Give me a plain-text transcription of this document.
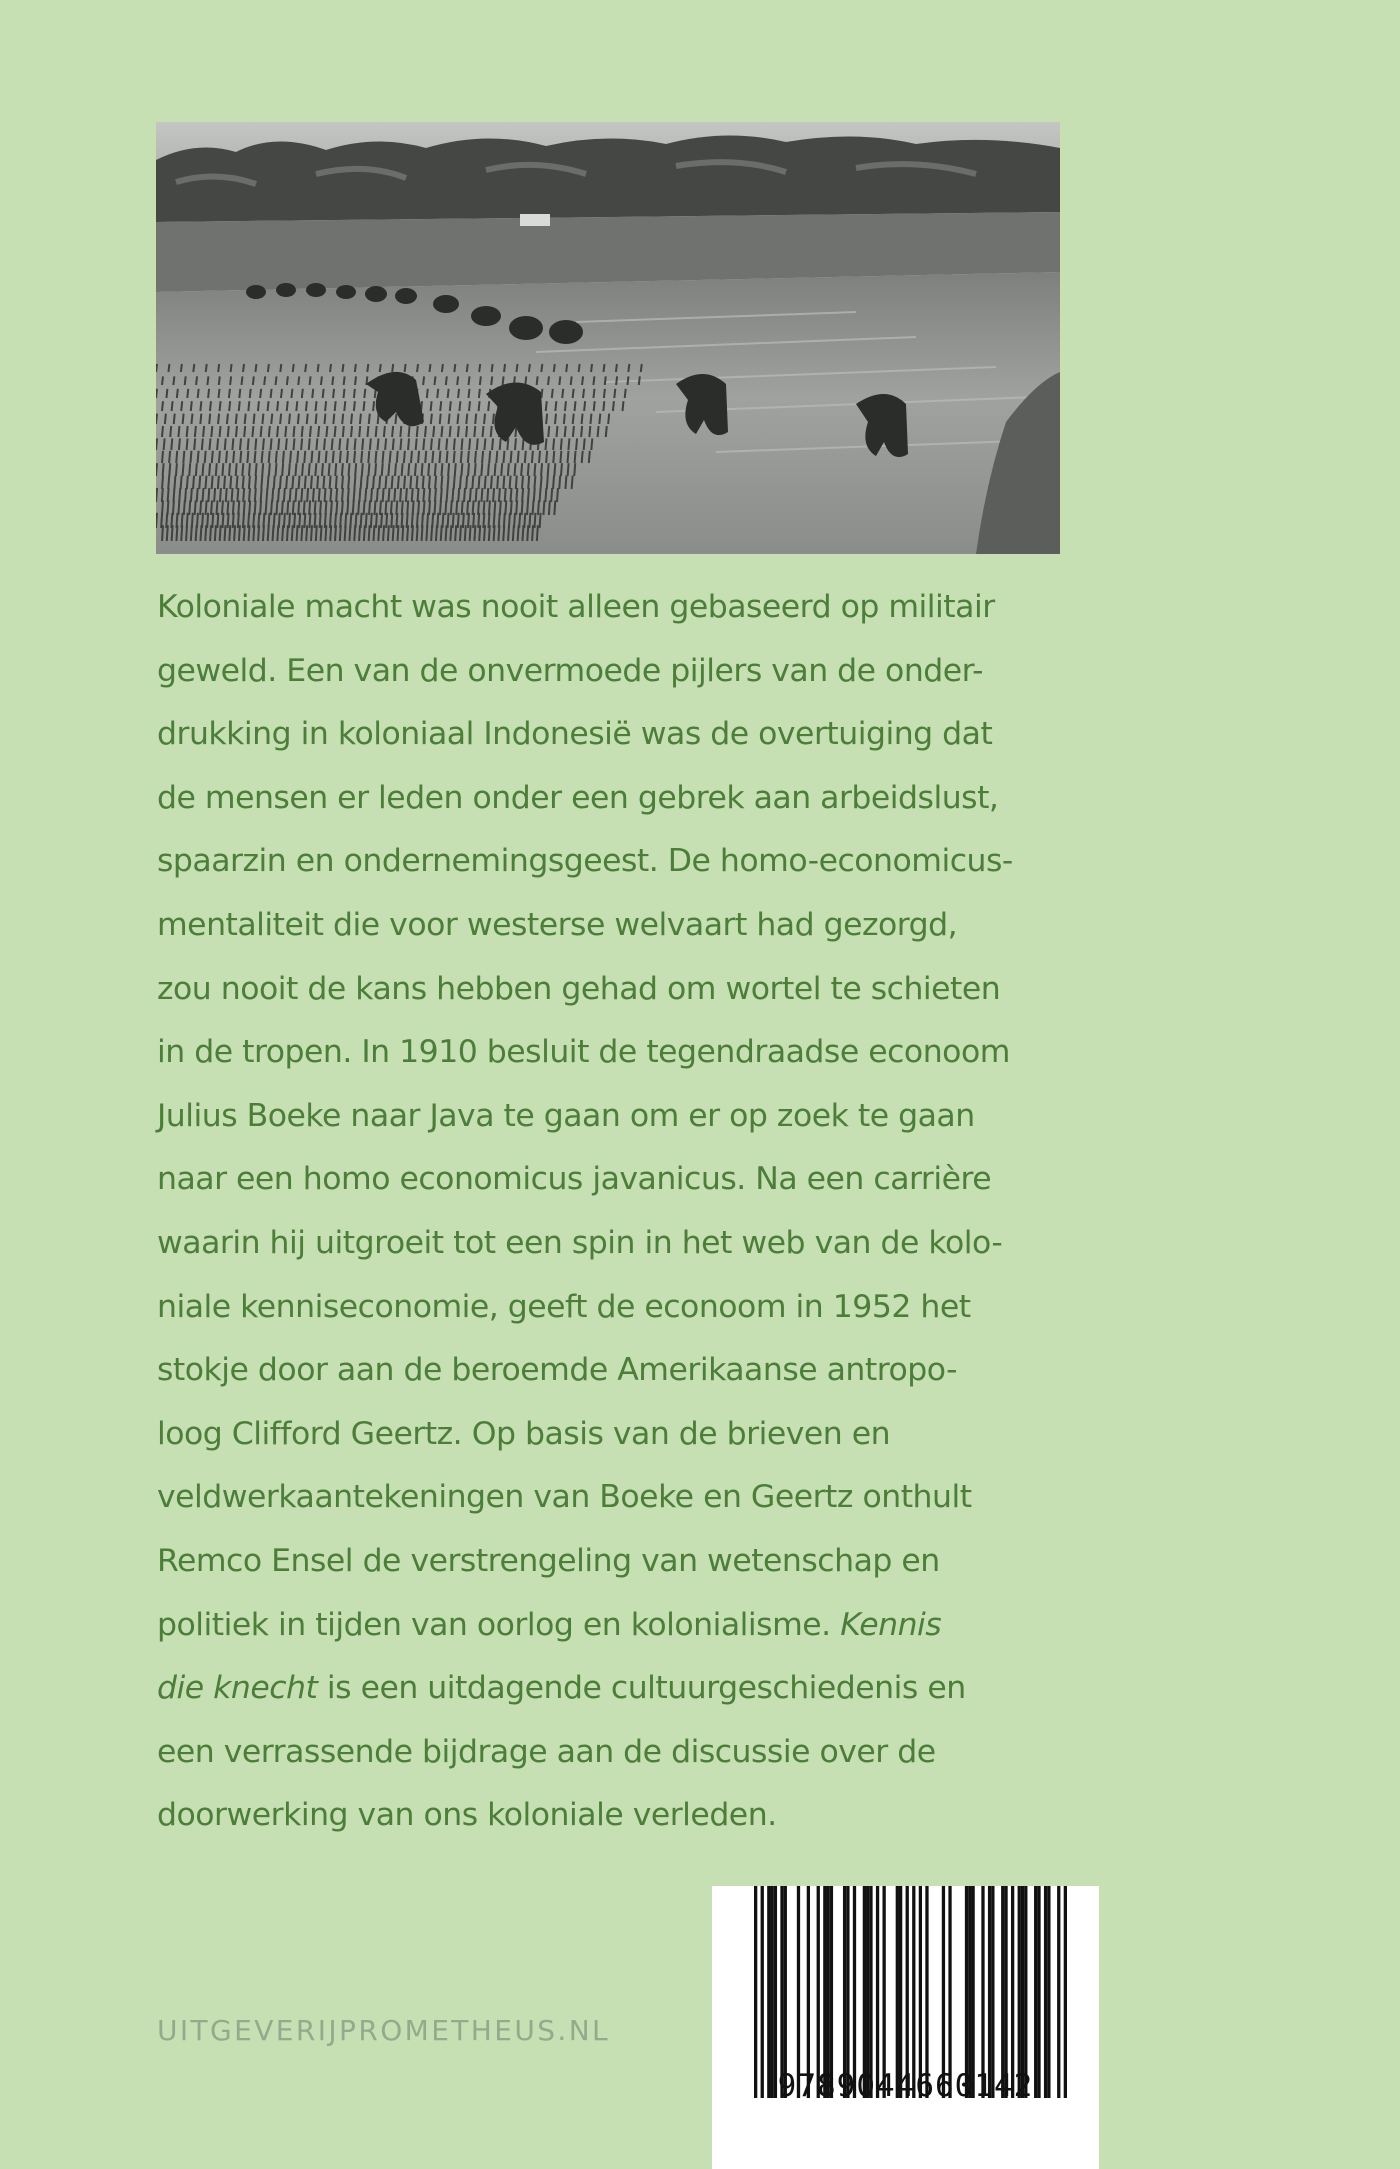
Koloniale macht was nooit alleen gebaseerd op militair
geweld. Een van de onvermoede pijlers van de onder-
drukking in koloniaal Indonesië was de overtuiging dat
de mensen er leden onder een gebrek aan arbeidslust,
spaarzin en ondernemingsgeest. De homo-economicus-
mentaliteit die voor westerse welvaart had gezorgd,
zou nooit de kans hebben gehad om wortel te schieten
in de tropen. In 1910 besluit de tegendraadse econoom
Julius Boeke naar Java te gaan om er op zoek te gaan
naar een homo economicus javanicus. Na een carrière
waarin hij uitgroeit tot een spin in het web van de kolo-
niale kenniseconomie, geeft de econoom in 1952 het
stokje door aan de beroemde Amerikaanse antropo-
loog Clifford Geertz. Op basis van de brieven en
veldwerkaantekeningen van Boeke en Geertz onthult
Remco Ensel de verstrengeling van wetenschap en
politiek in tijden van oorlog en kolonialisme. Kennis
die knecht is een uitdagende cultuurgeschiedenis en
een verrassende bijdrage aan de discussie over de
doorwerking van ons koloniale verleden.
UITGEVERIJPROMETHEUS.NL
9789044660142
